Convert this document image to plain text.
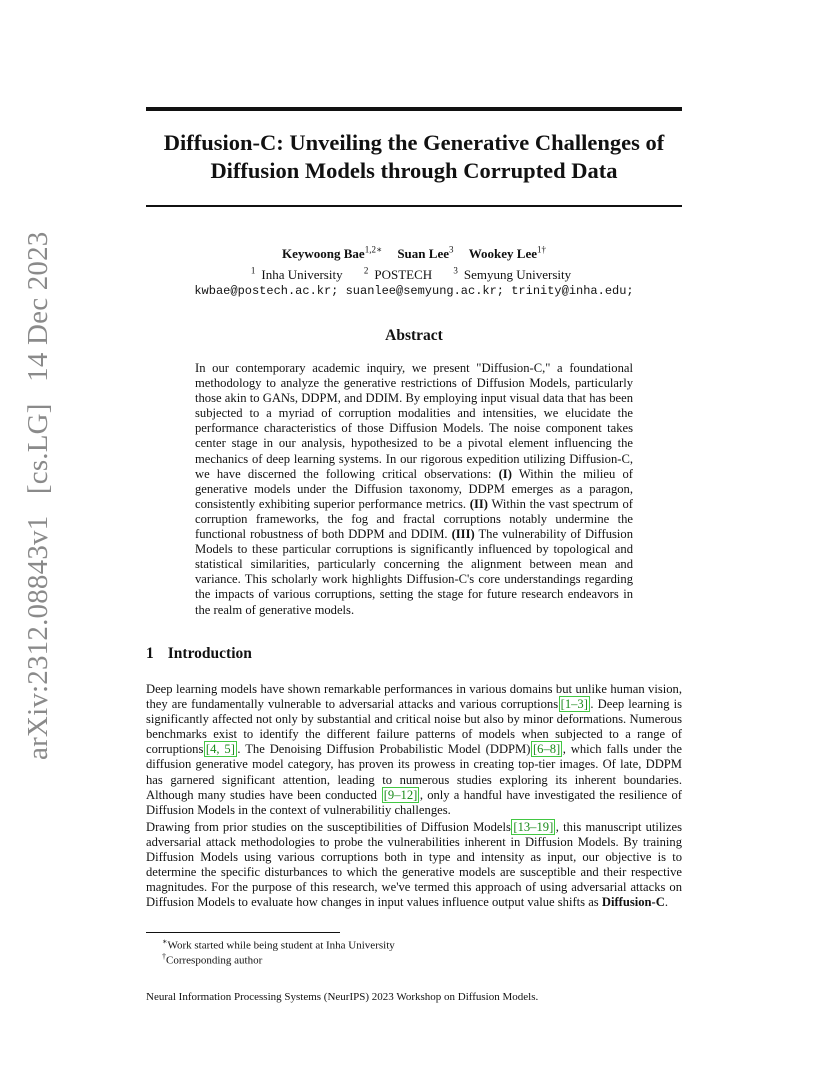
arXiv:2312.08843v1 [cs.LG] 14 Dec 2023
Diffusion-C: Unveiling the Generative Challenges of Diffusion Models through Corrupted Data
Keywoong Bae$^{1,2∗}$ Suan Lee$^3$ Wookey Lee$^{1\dagger}$
$^1$ Inha University $^2$ POSTECH $^3$ Semyung University
kwbae@postech.ac.kr; suanlee@semyung.ac.kr; trinity@inha.edu;
Abstract
In our contemporary academic inquiry, we present "Diffusion-C," a foundational methodology to analyze the generative restrictions of Diffusion Models, particularly those akin to GANs, DDPM, and DDIM. By employing input visual data that has been subjected to a myriad of corruption modalities and intensities, we elucidate the performance characteristics of those Diffusion Models. The noise component takes center stage in our analysis, hypothesized to be a pivotal element influencing the mechanics of deep learning systems. In our rigorous expedition utilizing Diffusion-C, we have discerned the following critical observations: (I) Within the milieu of generative models under the Diffusion taxonomy, DDPM emerges as a paragon, consistently exhibiting superior performance metrics. (II) Within the vast spectrum of corruption frameworks, the fog and fractal corruptions notably undermine the functional robustness of both DDPM and DDIM. (III) The vulnerability of Diffusion Models to these particular corruptions is significantly influenced by topological and statistical similarities, particularly concerning the alignment between mean and variance. This scholarly work highlights Diffusion-C's core understandings regarding the impacts of various corruptions, setting the stage for future research endeavors in the realm of generative models.
1 Introduction
Deep learning models have shown remarkable performances in various domains but unlike human vision, they are fundamentally vulnerable to adversarial attacks and various corruptions [1–3] . Deep learning is significantly affected not only by substantial and critical noise but also by minor deformations. Numerous benchmarks exist to identify the different failure patterns of models when subjected to a range of corruptions [4, 5] . The Denoising Diffusion Probabilistic Model (DDPM) [6–8] , which falls under the diffusion generative model category, has proven its prowess in creating top-tier images. Of late, DDPM has garnered significant attention, leading to numerous studies exploring its inherent boundaries. Although many studies have been conducted [9–12] , only a handful have investigated the resilience of Diffusion Models in the context of vulnerabilitiy challenges.
Drawing from prior studies on the susceptibilities of Diffusion Models [13–19] , this manuscript utilizes adversarial attack methodologies to probe the vulnerabilities inherent in Diffusion Models. By training Diffusion Models using various corruptions both in type and intensity as input, our objective is to determine the specific disturbances to which the generative models are susceptible and their respective magnitudes. For the purpose of this research, we've termed this approach of using adversarial attacks on Diffusion Models to evaluate how changes in input values influence output value shifts as Diffusion-C.
∗Work started while being student at Inha University
†Corresponding author
Neural Information Processing Systems (NeurIPS) 2023 Workshop on Diffusion Models.
